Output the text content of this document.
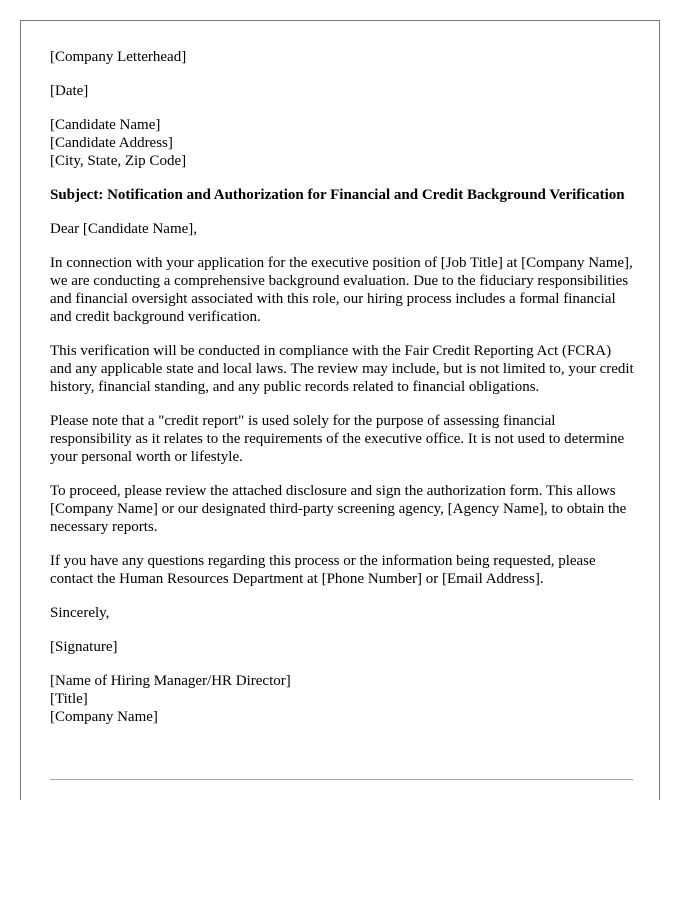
[Company Letterhead]

[Date]

[Candidate Name]
[Candidate Address]
[City, State, Zip Code]

Subject: Notification and Authorization for Financial and Credit Background Verification

Dear [Candidate Name],

In connection with your application for the executive position of [Job Title] at [Company Name], we are conducting a comprehensive background evaluation. Due to the fiduciary responsibilities and financial oversight associated with this role, our hiring process includes a formal financial and credit background verification.

This verification will be conducted in compliance with the Fair Credit Reporting Act (FCRA) and any applicable state and local laws. The review may include, but is not limited to, your credit history, financial standing, and any public records related to financial obligations.

Please note that a "credit report" is used solely for the purpose of assessing financial responsibility as it relates to the requirements of the executive office. It is not used to determine your personal worth or lifestyle.

To proceed, please review the attached disclosure and sign the authorization form. This allows [Company Name] or our designated third-party screening agency, [Agency Name], to obtain the necessary reports.

If you have any questions regarding this process or the information being requested, please contact the Human Resources Department at [Phone Number] or [Email Address].

Sincerely,

[Signature]

[Name of Hiring Manager/HR Director]
[Title]
[Company Name]
